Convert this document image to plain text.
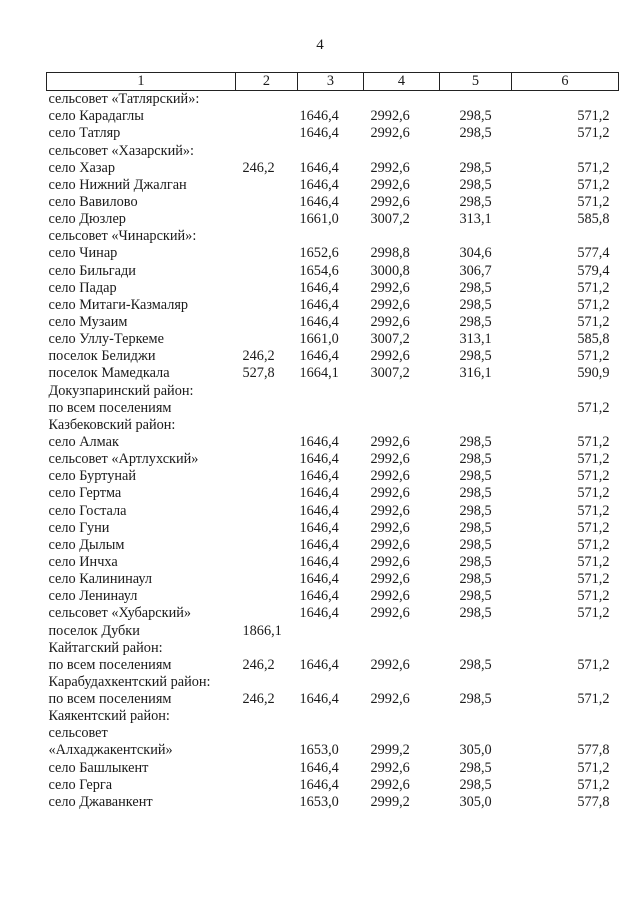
4
1	2	3	4	5	6
сельсовет «Татлярский»:					
село Карадаглы		1646,4	2992,6	298,5	571,2
село Татляр		1646,4	2992,6	298,5	571,2
сельсовет «Хазарский»:					
село Хазар	246,2	1646,4	2992,6	298,5	571,2
село Нижний Джалган		1646,4	2992,6	298,5	571,2
село Вавилово		1646,4	2992,6	298,5	571,2
село Дюзлер		1661,0	3007,2	313,1	585,8
сельсовет «Чинарский»:					
село Чинар		1652,6	2998,8	304,6	577,4
село Бильгади		1654,6	3000,8	306,7	579,4
село Падар		1646,4	2992,6	298,5	571,2
село Митаги-Казмаляр		1646,4	2992,6	298,5	571,2
село Музаим		1646,4	2992,6	298,5	571,2
село Уллу-Теркеме		1661,0	3007,2	313,1	585,8
поселок Белиджи	246,2	1646,4	2992,6	298,5	571,2
поселок Мамедкала	527,8	1664,1	3007,2	316,1	590,9
Докузпаринский район:					
по всем поселениям					571,2
Казбековский район:					
село Алмак		1646,4	2992,6	298,5	571,2
сельсовет «Артлухский»		1646,4	2992,6	298,5	571,2
село Буртунай		1646,4	2992,6	298,5	571,2
село Гертма		1646,4	2992,6	298,5	571,2
село Гостала		1646,4	2992,6	298,5	571,2
село Гуни		1646,4	2992,6	298,5	571,2
село Дылым		1646,4	2992,6	298,5	571,2
село Инчха		1646,4	2992,6	298,5	571,2
село Калининаул		1646,4	2992,6	298,5	571,2
село Ленинаул		1646,4	2992,6	298,5	571,2
сельсовет «Хубарский»		1646,4	2992,6	298,5	571,2
поселок Дубки	1866,1				
Кайтагский район:					
по всем поселениям	246,2	1646,4	2992,6	298,5	571,2
Карабудахкентский район:					
по всем поселениям	246,2	1646,4	2992,6	298,5	571,2
Каякентский район:					
сельсовет					
«Алхаджакентский»		1653,0	2999,2	305,0	577,8
село Башлыкент		1646,4	2992,6	298,5	571,2
село Герга		1646,4	2992,6	298,5	571,2
село Джаванкент		1653,0	2999,2	305,0	577,8
